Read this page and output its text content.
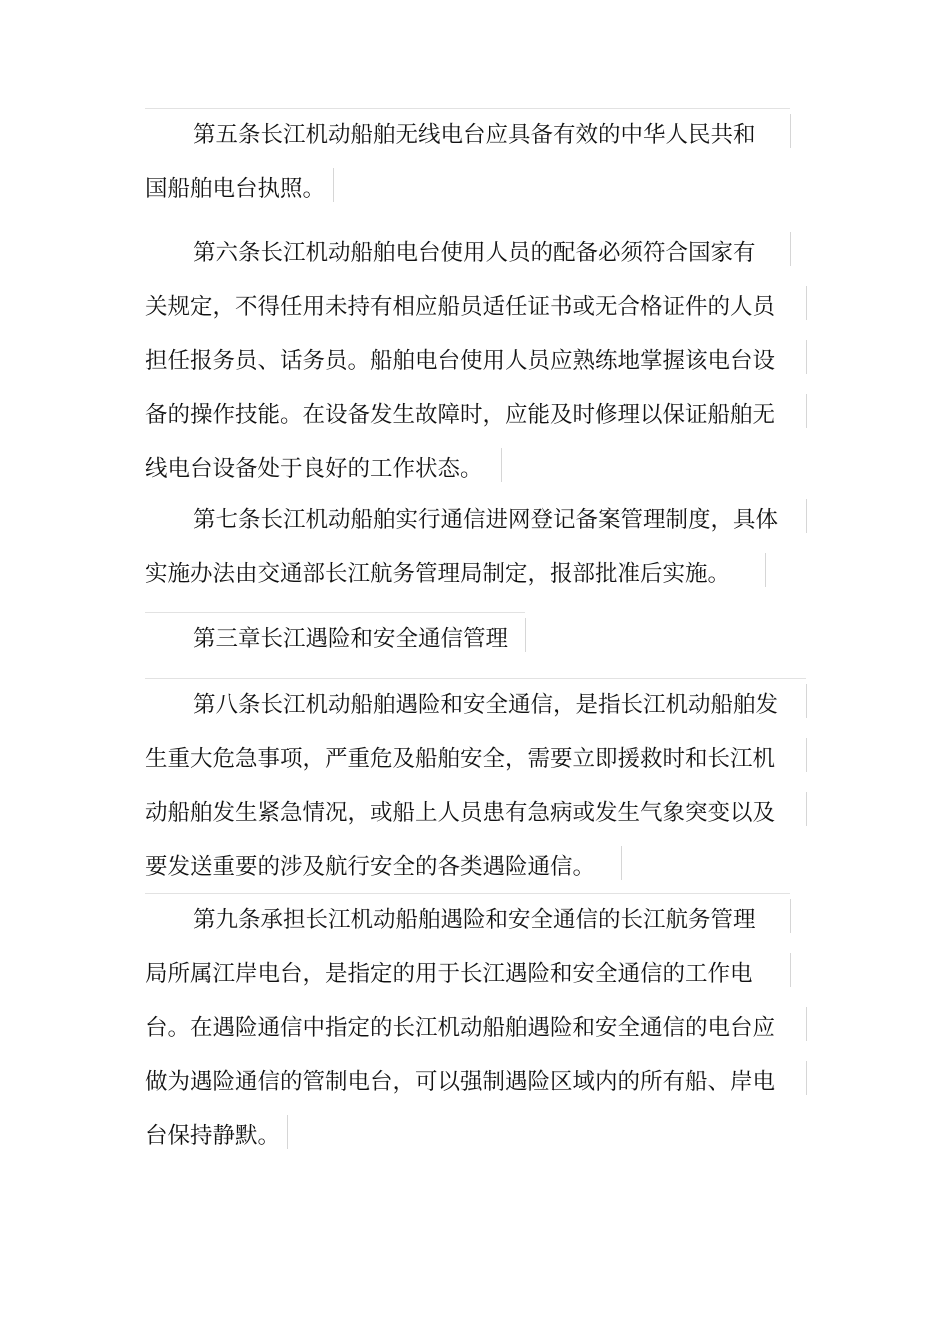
第五条长江机动船舶无线电台应具备有效的中华人民共和
国船舶电台执照。
第六条长江机动船舶电台使用人员的配备必须符合国家有
关规定，不得任用未持有相应船员适任证书或无合格证件的人员
担任报务员、话务员。船舶电台使用人员应熟练地掌握该电台设
备的操作技能。在设备发生故障时，应能及时修理以保证船舶无
线电台设备处于良好的工作状态。
第七条长江机动船舶实行通信进网登记备案管理制度，具体
实施办法由交通部长江航务管理局制定，报部批准后实施。
第三章长江遇险和安全通信管理
第八条长江机动船舶遇险和安全通信，是指长江机动船舶发
生重大危急事项，严重危及船舶安全，需要立即援救时和长江机
动船舶发生紧急情况，或船上人员患有急病或发生气象突变以及
要发送重要的涉及航行安全的各类遇险通信。
第九条承担长江机动船舶遇险和安全通信的长江航务管理
局所属江岸电台，是指定的用于长江遇险和安全通信的工作电
台。在遇险通信中指定的长江机动船舶遇险和安全通信的电台应
做为遇险通信的管制电台，可以强制遇险区域内的所有船、岸电
台保持静默。
